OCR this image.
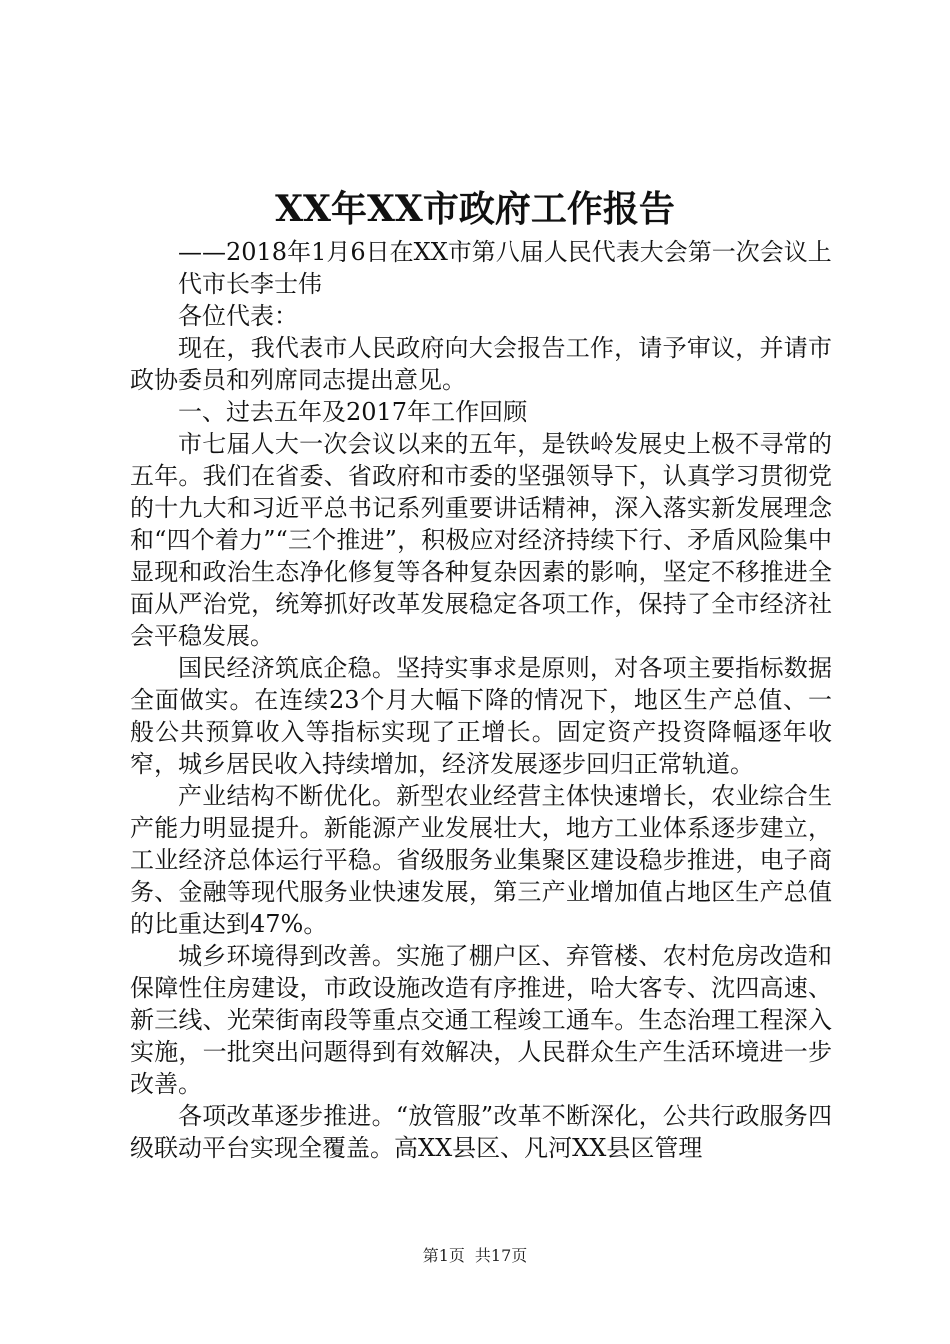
XX年XX市政府工作报告

——2018年1月6日在XX市第八届人民代表大会第一次会议上

代市长李士伟

各位代表：

现在，我代表市人民政府向大会报告工作，请予审议，并请市政协委员和列席同志提出意见。

一、过去五年及2017年工作回顾

市七届人大一次会议以来的五年，是铁岭发展史上极不寻常的五年。我们在省委、省政府和市委的坚强领导下，认真学习贯彻党的十九大和习近平总书记系列重要讲话精神，深入落实新发展理念和“四个着力”“三个推进”，积极应对经济持续下行、矛盾风险集中显现和政治生态净化修复等各种复杂因素的影响，坚定不移推进全面从严治党，统筹抓好改革发展稳定各项工作，保持了全市经济社会平稳发展。

国民经济筑底企稳。坚持实事求是原则，对各项主要指标数据全面做实。在连续23个月大幅下降的情况下，地区生产总值、一般公共预算收入等指标实现了正增长。固定资产投资降幅逐年收窄，城乡居民收入持续增加，经济发展逐步回归正常轨道。

产业结构不断优化。新型农业经营主体快速增长，农业综合生产能力明显提升。新能源产业发展壮大，地方工业体系逐步建立，工业经济总体运行平稳。省级服务业集聚区建设稳步推进，电子商务、金融等现代服务业快速发展，第三产业增加值占地区生产总值的比重达到47%。

城乡环境得到改善。实施了棚户区、弃管楼、农村危房改造和保障性住房建设，市政设施改造有序推进，哈大客专、沈四高速、新三线、光荣街南段等重点交通工程竣工通车。生态治理工程深入实施，一批突出问题得到有效解决，人民群众生产生活环境进一步改善。

各项改革逐步推进。“放管服”改革不断深化，公共行政服务四级联动平台实现全覆盖。高XX县区、凡河XX县区管理

第1页 共17页
